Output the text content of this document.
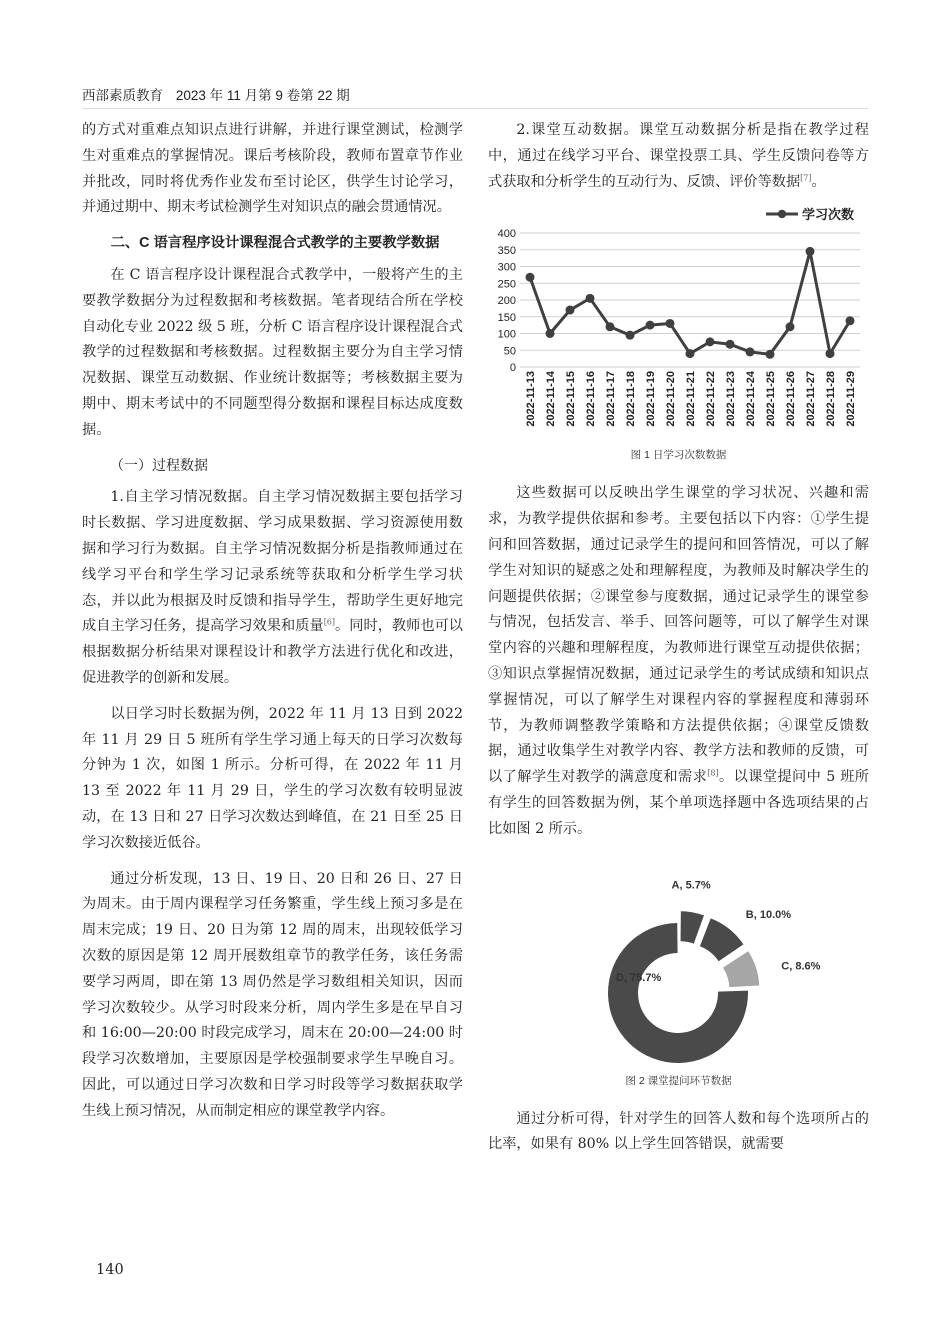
西部素质教育 2023 年 11 月第 9 卷第 22 期

的方式对重难点知识点进行讲解，并进行课堂测试，检测学生对重难点的掌握情况。课后考核阶段，教师布置章节作业并批改，同时将优秀作业发布至讨论区，供学生讨论学习，并通过期中、期末考试检测学生对知识点的融会贯通情况。

二、C 语言程序设计课程混合式教学的主要教学数据

在 C 语言程序设计课程混合式教学中，一般将产生的主要教学数据分为过程数据和考核数据。笔者现结合所在学校自动化专业 2022 级 5 班，分析 C 语言程序设计课程混合式教学的过程数据和考核数据。过程数据主要分为自主学习情况数据、课堂互动数据、作业统计数据等；考核数据主要为期中、期末考试中的不同题型得分数据和课程目标达成度数据。

（一）过程数据

1.自主学习情况数据。自主学习情况数据主要包括学习时长数据、学习进度数据、学习成果数据、学习资源使用数据和学习行为数据。自主学习情况数据分析是指教师通过在线学习平台和学生学习记录系统等获取和分析学生学习状态，并以此为根据及时反馈和指导学生，帮助学生更好地完成自主学习任务，提高学习效果和质量[6]。同时，教师也可以根据数据分析结果对课程设计和教学方法进行优化和改进，促进教学的创新和发展。

以日学习时长数据为例，2022 年 11 月 13 日到 2022 年 11 月 29 日 5 班所有学生学习通上每天的日学习次数每分钟为 1 次，如图 1 所示。分析可得，在 2022 年 11 月 13 至 2022 年 11 月 29 日，学生的学习次数有较明显波动，在 13 日和 27 日学习次数达到峰值，在 21 日至 25 日学习次数接近低谷。

通过分析发现，13 日、19 日、20 日和 26 日、27 日为周末。由于周内课程学习任务繁重，学生线上预习多是在周末完成；19 日、20 日为第 12 周的周末，出现较低学习次数的原因是第 12 周开展数组章节的教学任务，该任务需要学习两周，即在第 13 周仍然是学习数组相关知识，因而学习次数较少。从学习时段来分析，周内学生多是在早自习和 16:00—20:00 时段完成学习，周末在 20:00—24:00 时段学习次数增加，主要原因是学校强制要求学生早晚自习。因此，可以通过日学习次数和日学习时段等学习数据获取学生线上预习情况，从而制定相应的课堂教学内容。

2.课堂互动数据。课堂互动数据分析是指在教学过程中，通过在线学习平台、课堂投票工具、学生反馈问卷等方式获取和分析学生的互动行为、反馈、评价等数据[7]。

0
50
100
150
200
250
300
350
400
学习次数
2022-11-13 2022-11-14 2022-11-15 2022-11-16 2022-11-17 2022-11-18 2022-11-19 2022-11-20 2022-11-21 2022-11-22 2022-11-23 2022-11-24 2022-11-25 2022-11-26 2022-11-27 2022-11-28 2022-11-29
图 1 日学习次数数据

这些数据可以反映出学生课堂的学习状况、兴趣和需求，为教学提供依据和参考。主要包括以下内容：①学生提问和回答数据，通过记录学生的提问和回答情况，可以了解学生对知识的疑惑之处和理解程度，为教师及时解决学生的问题提供依据；②课堂参与度数据，通过记录学生的课堂参与情况，包括发言、举手、回答问题等，可以了解学生对课堂内容的兴趣和理解程度，为教师进行课堂互动提供依据；③知识点掌握情况数据，通过记录学生的考试成绩和知识点掌握情况，可以了解学生对课程内容的掌握程度和薄弱环节，为教师调整教学策略和方法提供依据；④课堂反馈数据，通过收集学生对教学内容、教学方法和教师的反馈，可以了解学生对教学的满意度和需求[8]。以课堂提问中 5 班所有学生的回答数据为例，某个单项选择题中各选项结果的占比如图 2 所示。

A, 5.7%
B, 10.0%
C, 8.6%
D, 75.7%
图 2 课堂提问环节数据

通过分析可得，针对学生的回答人数和每个选项所占的比率，如果有 80% 以上学生回答错误，就需要

140
